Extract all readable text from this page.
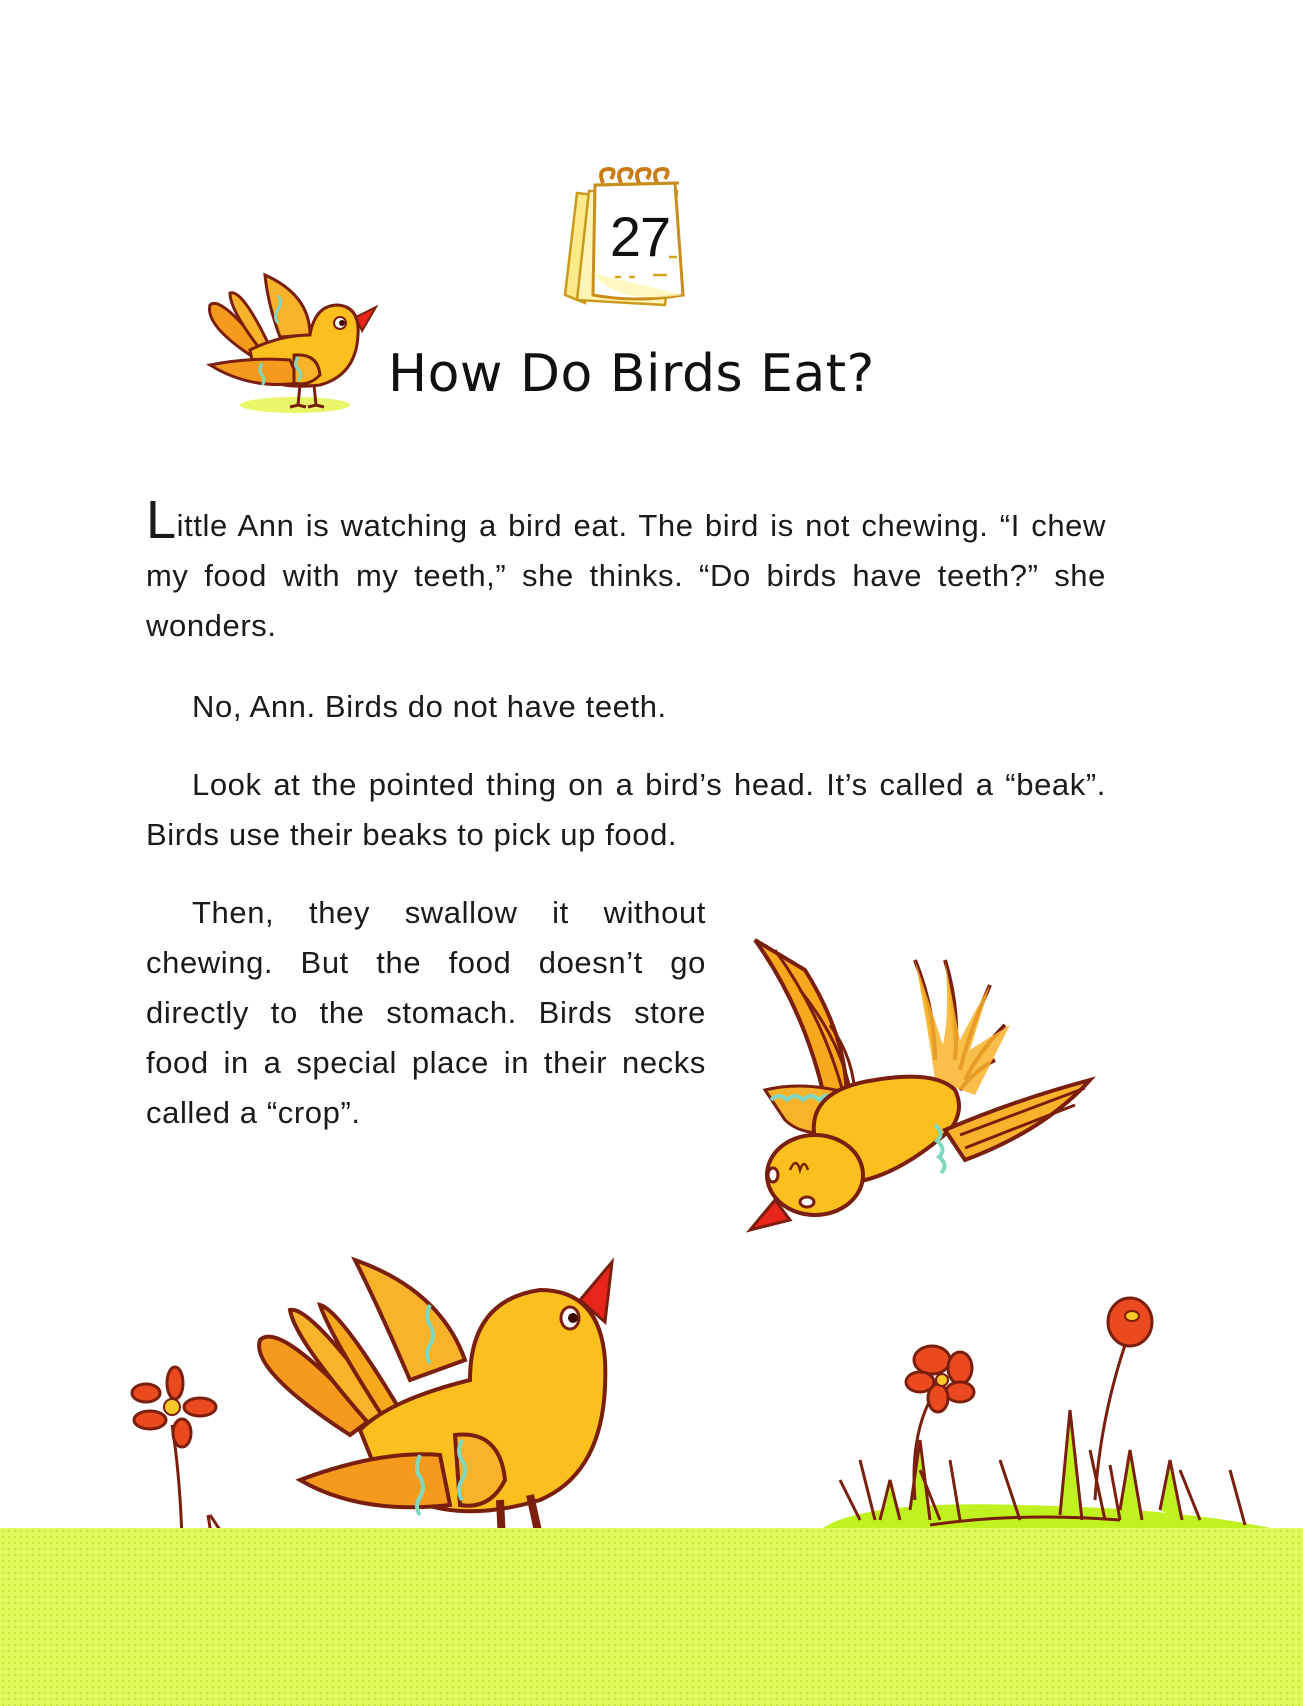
27
How Do Birds Eat?

Little Ann is watching a bird eat. The bird is not chewing. “I chew my food with my teeth,” she thinks. “Do birds have teeth?” she wonders.

No, Ann. Birds do not have teeth.

Look at the pointed thing on a bird’s head. It’s called a “beak”. Birds use their beaks to pick up food.

Then, they swallow it without chewing. But the food doesn’t go directly to the stomach. Birds store food in a special place in their necks called a “crop”.
